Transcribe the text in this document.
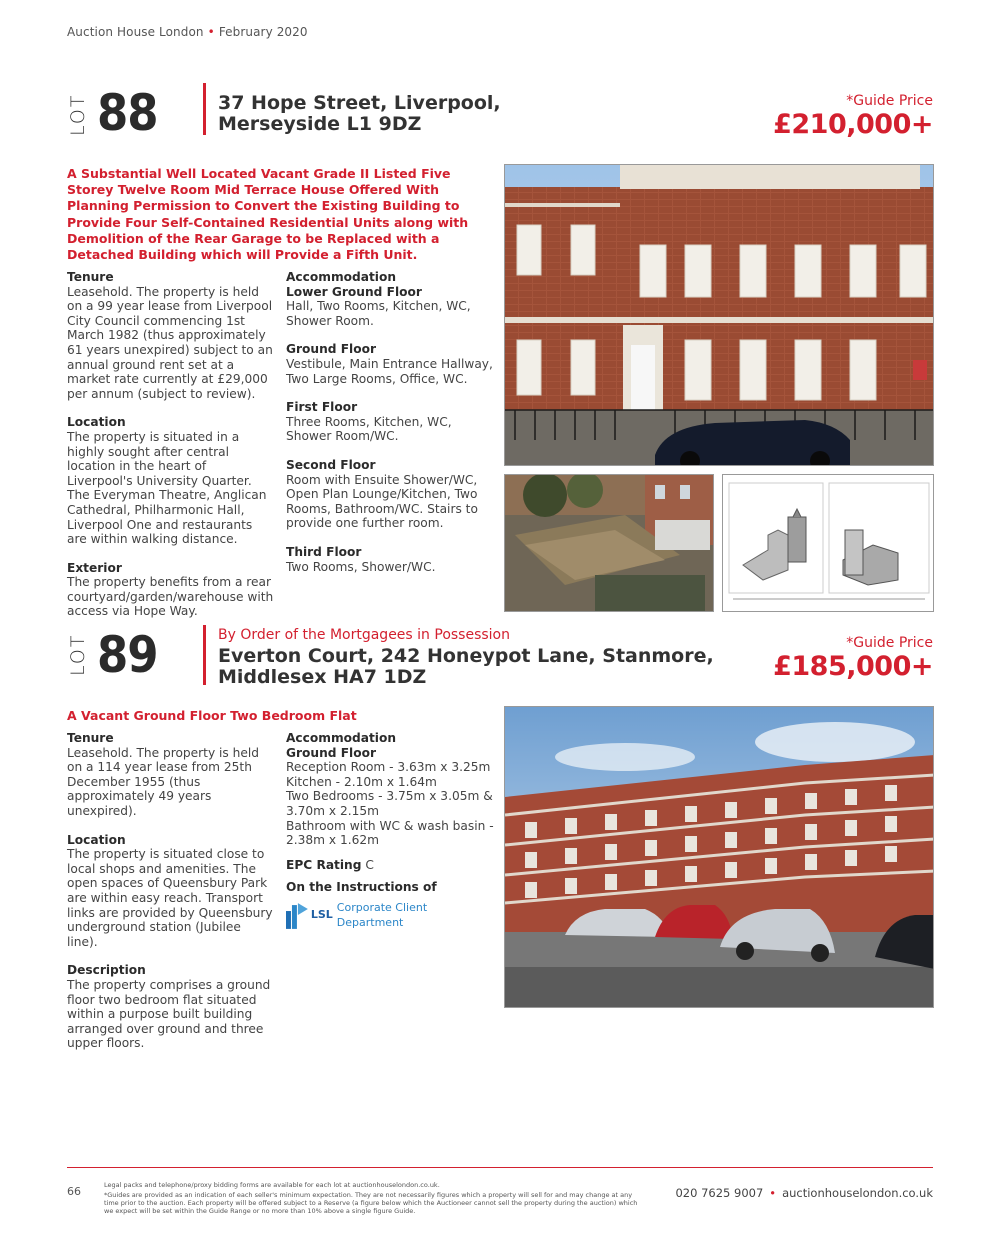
Auction House London • February 2020
LOT 88	37 Hope Street, Liverpool,
Merseyside L1 9DZ
*Guide Price
£210,000+
A Substantial Well Located Vacant Grade II Listed Five Storey Twelve Room Mid Terrace House Offered With Planning Permission to Convert the Existing Building to Provide Four Self-Contained Residential Units along with Demolition of the Rear Garage to be Replaced with a Detached Building which will Provide a Fifth Unit.
Tenure

Leasehold. The property is held on a 99 year lease from Liverpool City Council commencing 1st March 1982 (thus approximately 61 years unexpired) subject to an annual ground rent set at a market rate currently at £29,000 per annum (subject to review).

Location

The property is situated in a highly sought after central location in the heart of Liverpool's University Quarter. The Everyman Theatre, Anglican Cathedral, Philharmonic Hall, Liverpool One and restaurants are within walking distance.

Exterior

The property benefits from a rear courtyard/garden/warehouse with access via Hope Way.

Accommodation
Lower Ground Floor

Hall, Two Rooms, Kitchen, WC, Shower Room.

Ground Floor

Vestibule, Main Entrance Hallway, Two Large Rooms, Office, WC.

First Floor

Three Rooms, Kitchen, WC, Shower Room/WC.

Second Floor

Room with Ensuite Shower/WC, Open Plan Lounge/Kitchen, Two Rooms, Bathroom/WC. Stairs to provide one further room.

Third Floor

Two Rooms, Shower/WC.

LOT 89	By Order of the Mortgagees in Possession
Everton Court, 242 Honeypot Lane, Stanmore,
Middlesex HA7 1DZ
*Guide Price
£185,000+
A Vacant Ground Floor Two Bedroom Flat
Tenure

Leasehold. The property is held on a 114 year lease from 25th December 1955 (thus approximately 49 years unexpired).

Location

The property is situated close to local shops and amenities. The open spaces of Queensbury Park are within easy reach. Transport links are provided by Queensbury underground station (Jubilee line).

Description

The property comprises a ground floor two bedroom flat situated within a purpose built building arranged over ground and three upper floors.

Accommodation
Ground Floor

Reception Room - 3.63m x 3.25m

Kitchen - 2.10m x 1.64m

Two Bedrooms - 3.75m x 3.05m &

3.70m x 2.15m

Bathroom with WC & wash basin -

2.38m x 1.62m

EPC Rating C
On the Instructions of
LSL
Corporate Client Department
66	Legal packs and telephone/proxy bidding forms are available for each lot at auctionhouselondon.co.uk.
*Guides are provided as an indication of each seller's minimum expectation. They are not necessarily figures which a property will sell for and may change at any time prior to the auction. Each property will be offered subject to a Reserve (a figure below which the Auctioneer cannot sell the property during the auction) which we expect will be set within the Guide Range or no more than 10% above a single figure Guide.
020 7625 9007 • auctionhouselondon.co.uk
